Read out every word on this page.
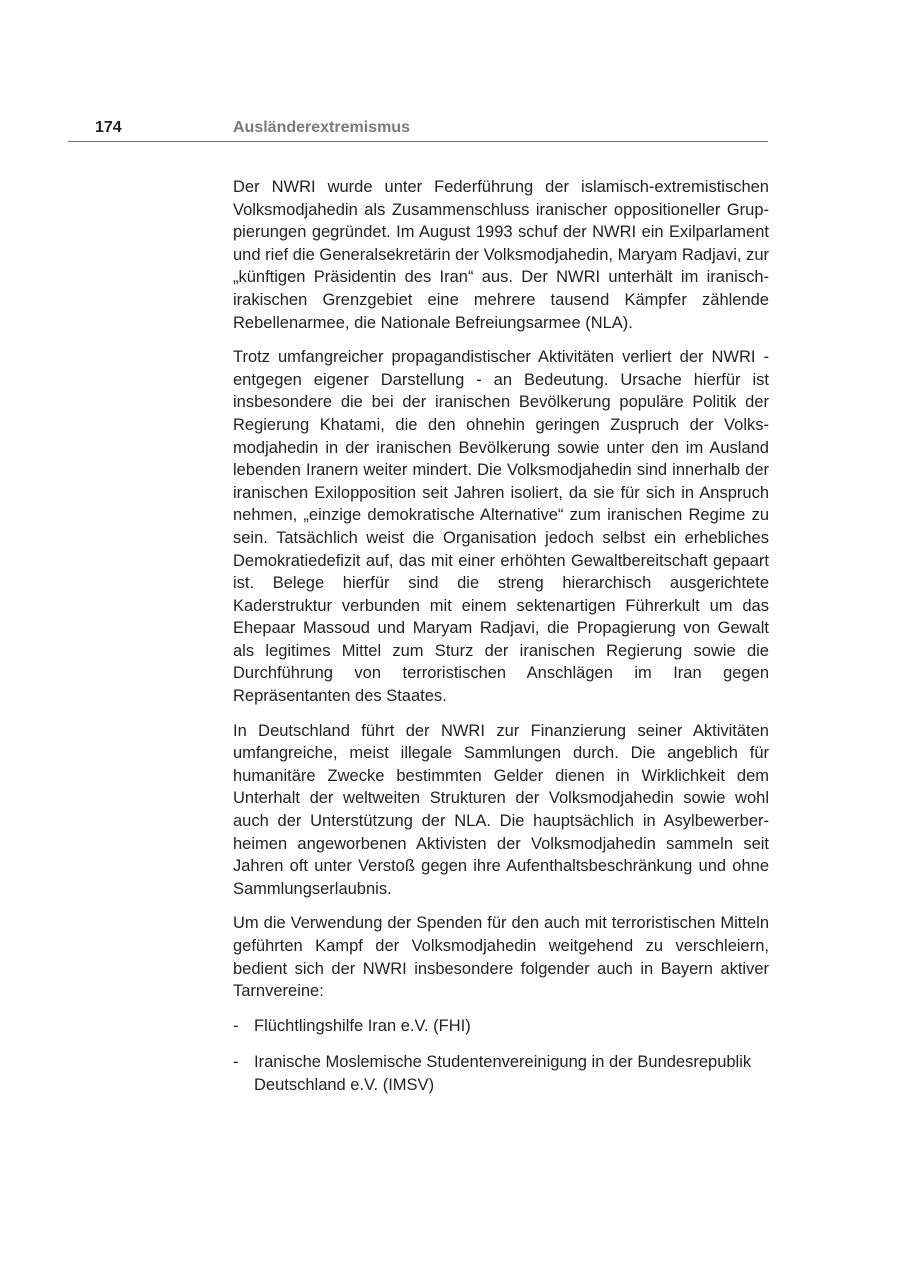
174	Ausländerextremismus

Der NWRI wurde unter Federführung der islamisch-extremistischen Volksmodjahedin als Zusammenschluss iranischer oppositioneller Gruppierungen gegründet. Im August 1993 schuf der NWRI ein Exilparlament und rief die Generalsekretärin der Volksmodjahedin, Maryam Radjavi, zur „künftigen Präsidentin des Iran“ aus. Der NWRI unterhält im iranisch-irakischen Grenzgebiet eine mehrere tausend Kämpfer zählende Rebellenarmee, die Nationale Befreiungsarmee (NLA).

Trotz umfangreicher propagandistischer Aktivitäten verliert der NWRI - entgegen eigener Darstellung - an Bedeutung. Ursache hierfür ist insbesondere die bei der iranischen Bevölkerung populäre Politik der Regierung Khatami, die den ohnehin geringen Zuspruch der Volksmodjahedin in der iranischen Bevölkerung sowie unter den im Ausland lebenden Iranern weiter mindert. Die Volksmodjahedin sind innerhalb der iranischen Exilopposition seit Jahren isoliert, da sie für sich in Anspruch nehmen, „einzige demokratische Alternative“ zum iranischen Regime zu sein. Tatsächlich weist die Organisation jedoch selbst ein erhebliches Demokratiedefizit auf, das mit einer erhöhten Gewaltbereitschaft gepaart ist. Belege hierfür sind die streng hierarchisch ausgerichtete Kaderstruktur verbunden mit einem sektenartigen Führerkult um das Ehepaar Massoud und Maryam Radjavi, die Propagierung von Gewalt als legitimes Mittel zum Sturz der iranischen Regierung sowie die Durchführung von terroristischen Anschlägen im Iran gegen Repräsentanten des Staates.

In Deutschland führt der NWRI zur Finanzierung seiner Aktivitäten umfangreiche, meist illegale Sammlungen durch. Die angeblich für humanitäre Zwecke bestimmten Gelder dienen in Wirklichkeit dem Unterhalt der weltweiten Strukturen der Volksmodjahedin sowie wohl auch der Unterstützung der NLA. Die hauptsächlich in Asylbewerberheimen angeworbenen Aktivisten der Volksmodjahedin sammeln seit Jahren oft unter Verstoß gegen ihre Aufenthaltsbeschränkung und ohne Sammlungserlaubnis.

Um die Verwendung der Spenden für den auch mit terroristischen Mitteln geführten Kampf der Volksmodjahedin weitgehend zu verschleiern, bedient sich der NWRI insbesondere folgender auch in Bayern aktiver Tarnvereine:

- Flüchtlingshilfe Iran e.V. (FHI)
- Iranische Moslemische Studentenvereinigung in der Bundesrepublik Deutschland e.V. (IMSV)
